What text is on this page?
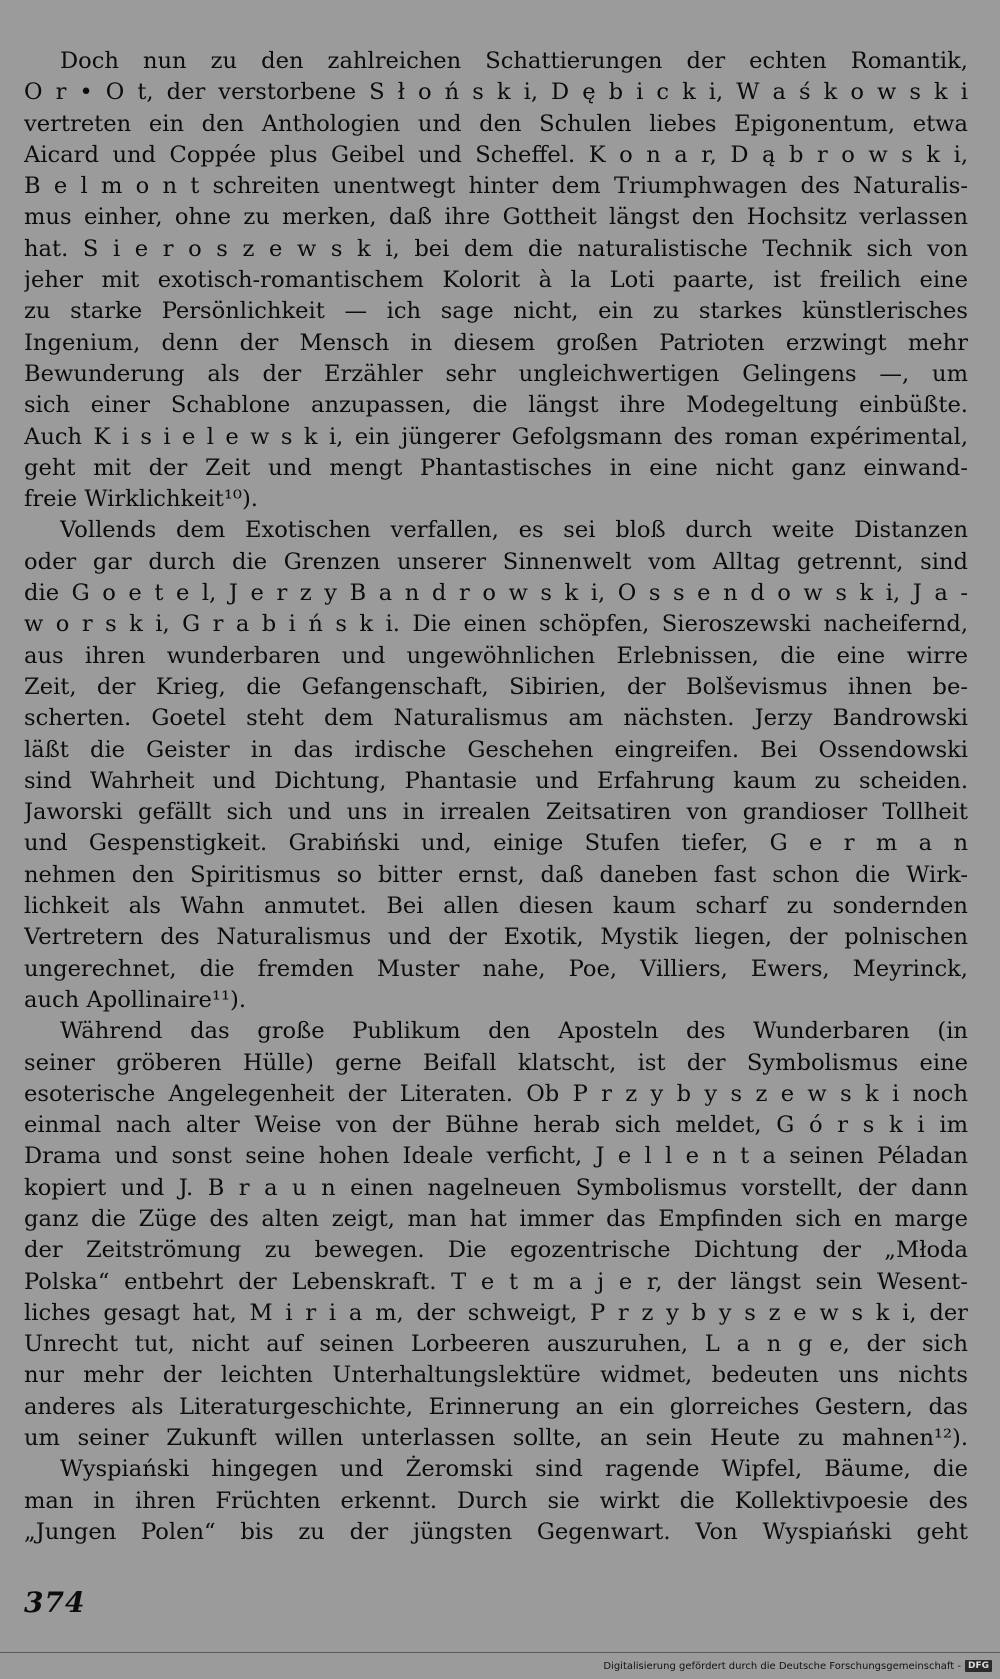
Doch nun zu den zahlreichen Schattierungen der echten Romantik,
O r • O t, der verstorbene S ł o ń s k i, D ę b i c k i, W a ś k o w s k i
vertreten ein den Anthologien und den Schulen liebes Epigonentum, etwa
Aicard und Coppée plus Geibel und Scheffel. K o n a r, D ą b r o w s k i,
B e l m o n t schreiten unentwegt hinter dem Triumphwagen des Naturalis-
mus einher, ohne zu merken, daß ihre Gottheit längst den Hochsitz verlassen
hat. S i e r o s z e w s k i, bei dem die naturalistische Technik sich von
jeher mit exotisch-romantischem Kolorit à la Loti paarte, ist freilich eine
zu starke Persönlichkeit — ich sage nicht, ein zu starkes künstlerisches
Ingenium, denn der Mensch in diesem großen Patrioten erzwingt mehr
Bewunderung als der Erzähler sehr ungleichwertigen Gelingens —, um
sich einer Schablone anzupassen, die längst ihre Modegeltung einbüßte.
Auch K i s i e l e w s k i, ein jüngerer Gefolgsmann des roman expérimental,
geht mit der Zeit und mengt Phantastisches in eine nicht ganz einwand-
freie Wirklichkeit¹⁰).
Vollends dem Exotischen verfallen, es sei bloß durch weite Distanzen
oder gar durch die Grenzen unserer Sinnenwelt vom Alltag getrennt, sind
die G o e t e l, J e r z y B a n d r o w s k i, O s s e n d o w s k i, J a -
w o r s k i, G r a b i ń s k i. Die einen schöpfen, Sieroszewski nacheifernd,
aus ihren wunderbaren und ungewöhnlichen Erlebnissen, die eine wirre
Zeit, der Krieg, die Gefangenschaft, Sibirien, der Bolševismus ihnen be-
scherten. Goetel steht dem Naturalismus am nächsten. Jerzy Bandrowski
läßt die Geister in das irdische Geschehen eingreifen. Bei Ossendowski
sind Wahrheit und Dichtung, Phantasie und Erfahrung kaum zu scheiden.
Jaworski gefällt sich und uns in irrealen Zeitsatiren von grandioser Tollheit
und Gespenstigkeit. Grabiński und, einige Stufen tiefer, G e r m a n
nehmen den Spiritismus so bitter ernst, daß daneben fast schon die Wirk-
lichkeit als Wahn anmutet. Bei allen diesen kaum scharf zu sondernden
Vertretern des Naturalismus und der Exotik, Mystik liegen, der polnischen
ungerechnet, die fremden Muster nahe, Poe, Villiers, Ewers, Meyrinck,
auch Apollinaire¹¹).
Während das große Publikum den Aposteln des Wunderbaren (in
seiner gröberen Hülle) gerne Beifall klatscht, ist der Symbolismus eine
esoterische Angelegenheit der Literaten. Ob P r z y b y s z e w s k i noch
einmal nach alter Weise von der Bühne herab sich meldet, G ó r s k i im
Drama und sonst seine hohen Ideale verficht, J e l l e n t a seinen Péladan
kopiert und J. B r a u n einen nagelneuen Symbolismus vorstellt, der dann
ganz die Züge des alten zeigt, man hat immer das Empfinden sich en marge
der Zeitströmung zu bewegen. Die egozentrische Dichtung der „Młoda
Polska“ entbehrt der Lebenskraft. T e t m a j e r, der längst sein Wesent-
liches gesagt hat, M i r i a m, der schweigt, P r z y b y s z e w s k i, der
Unrecht tut, nicht auf seinen Lorbeeren auszuruhen, L a n g e, der sich
nur mehr der leichten Unterhaltungslektüre widmet, bedeuten uns nichts
anderes als Literaturgeschichte, Erinnerung an ein glorreiches Gestern, das
um seiner Zukunft willen unterlassen sollte, an sein Heute zu mahnen¹²).
Wyspiański hingegen und Żeromski sind ragende Wipfel, Bäume, die
man in ihren Früchten erkennt. Durch sie wirkt die Kollektivpoesie des
„Jungen Polen“ bis zu der jüngsten Gegenwart. Von Wyspiański geht
374
Digitalisierung gefördert durch die Deutsche Forschungsgemeinschaft - DFG
